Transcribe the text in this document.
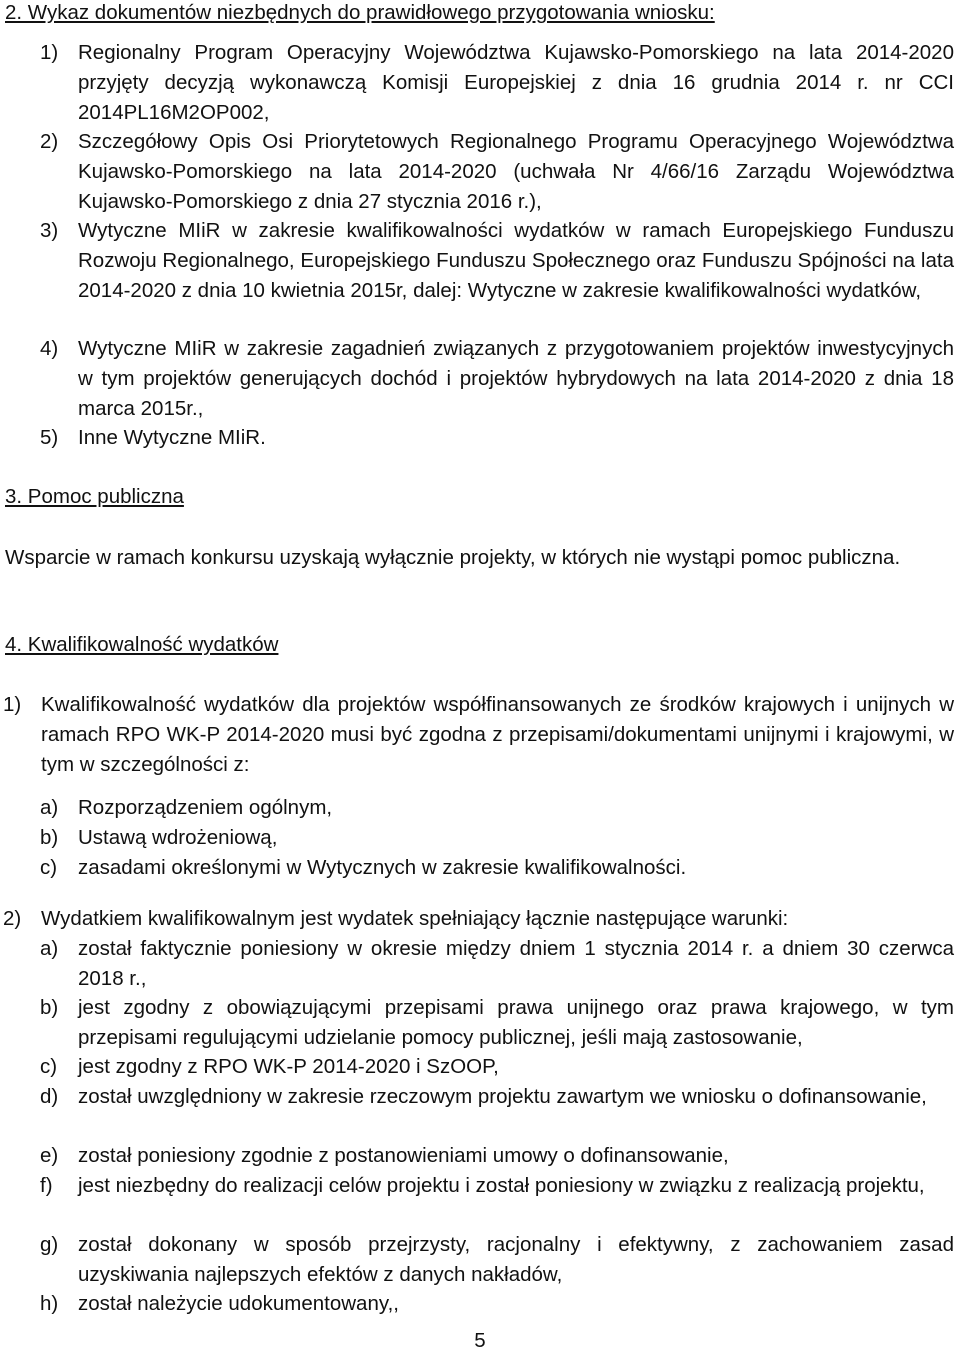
2. Wykaz dokumentów niezbędnych do prawidłowego przygotowania wniosku:
1) Regionalny Program Operacyjny Województwa Kujawsko-Pomorskiego na lata 2014-2020 przyjęty decyzją wykonawczą Komisji Europejskiej z dnia 16 grudnia 2014 r. nr CCI 2014PL16M2OP002,
2) Szczegółowy Opis Osi Priorytetowych Regionalnego Programu Operacyjnego Województwa Kujawsko-Pomorskiego na lata 2014-2020 (uchwała Nr 4/66/16 Zarządu Województwa Kujawsko-Pomorskiego z dnia 27 stycznia 2016 r.),
3) Wytyczne MIiR w zakresie kwalifikowalności wydatków w ramach Europejskiego Funduszu Rozwoju Regionalnego, Europejskiego Funduszu Społecznego oraz Funduszu Spójności na lata 2014-2020 z dnia 10 kwietnia 2015r, dalej: Wytyczne w zakresie kwalifikowalności wydatków,
4) Wytyczne MIiR w zakresie zagadnień związanych z przygotowaniem projektów inwestycyjnych w tym projektów generujących dochód i projektów hybrydowych na lata 2014-2020 z dnia 18 marca 2015r.,
5) Inne Wytyczne MIiR.
3. Pomoc publiczna
Wsparcie w ramach konkursu uzyskają wyłącznie projekty, w których nie wystąpi pomoc publiczna.
4. Kwalifikowalność wydatków
1) Kwalifikowalność wydatków dla projektów współfinansowanych ze środków krajowych i unijnych w ramach RPO WK-P 2014-2020 musi być zgodna z przepisami/dokumentami unijnymi i krajowymi, w tym w szczególności z:
a) Rozporządzeniem ogólnym,
b) Ustawą wdrożeniową,
c) zasadami określonymi w Wytycznych w zakresie kwalifikowalności.
2) Wydatkiem kwalifikowalnym jest wydatek spełniający łącznie następujące warunki:
a) został faktycznie poniesiony w okresie między dniem 1 stycznia 2014 r. a dniem 30 czerwca 2018 r.,
b) jest zgodny z obowiązującymi przepisami prawa unijnego oraz prawa krajowego, w tym przepisami regulującymi udzielanie pomocy publicznej, jeśli mają zastosowanie,
c) jest zgodny z RPO WK-P 2014-2020 i SzOOP,
d) został uwzględniony w zakresie rzeczowym projektu zawartym we wniosku o dofinansowanie,
e) został poniesiony zgodnie z postanowieniami umowy o dofinansowanie,
f) jest niezbędny do realizacji celów projektu i został poniesiony w związku z realizacją projektu,
g) został dokonany w sposób przejrzysty, racjonalny i efektywny, z zachowaniem zasad uzyskiwania najlepszych efektów z danych nakładów,
h) został należycie udokumentowany,,
5
